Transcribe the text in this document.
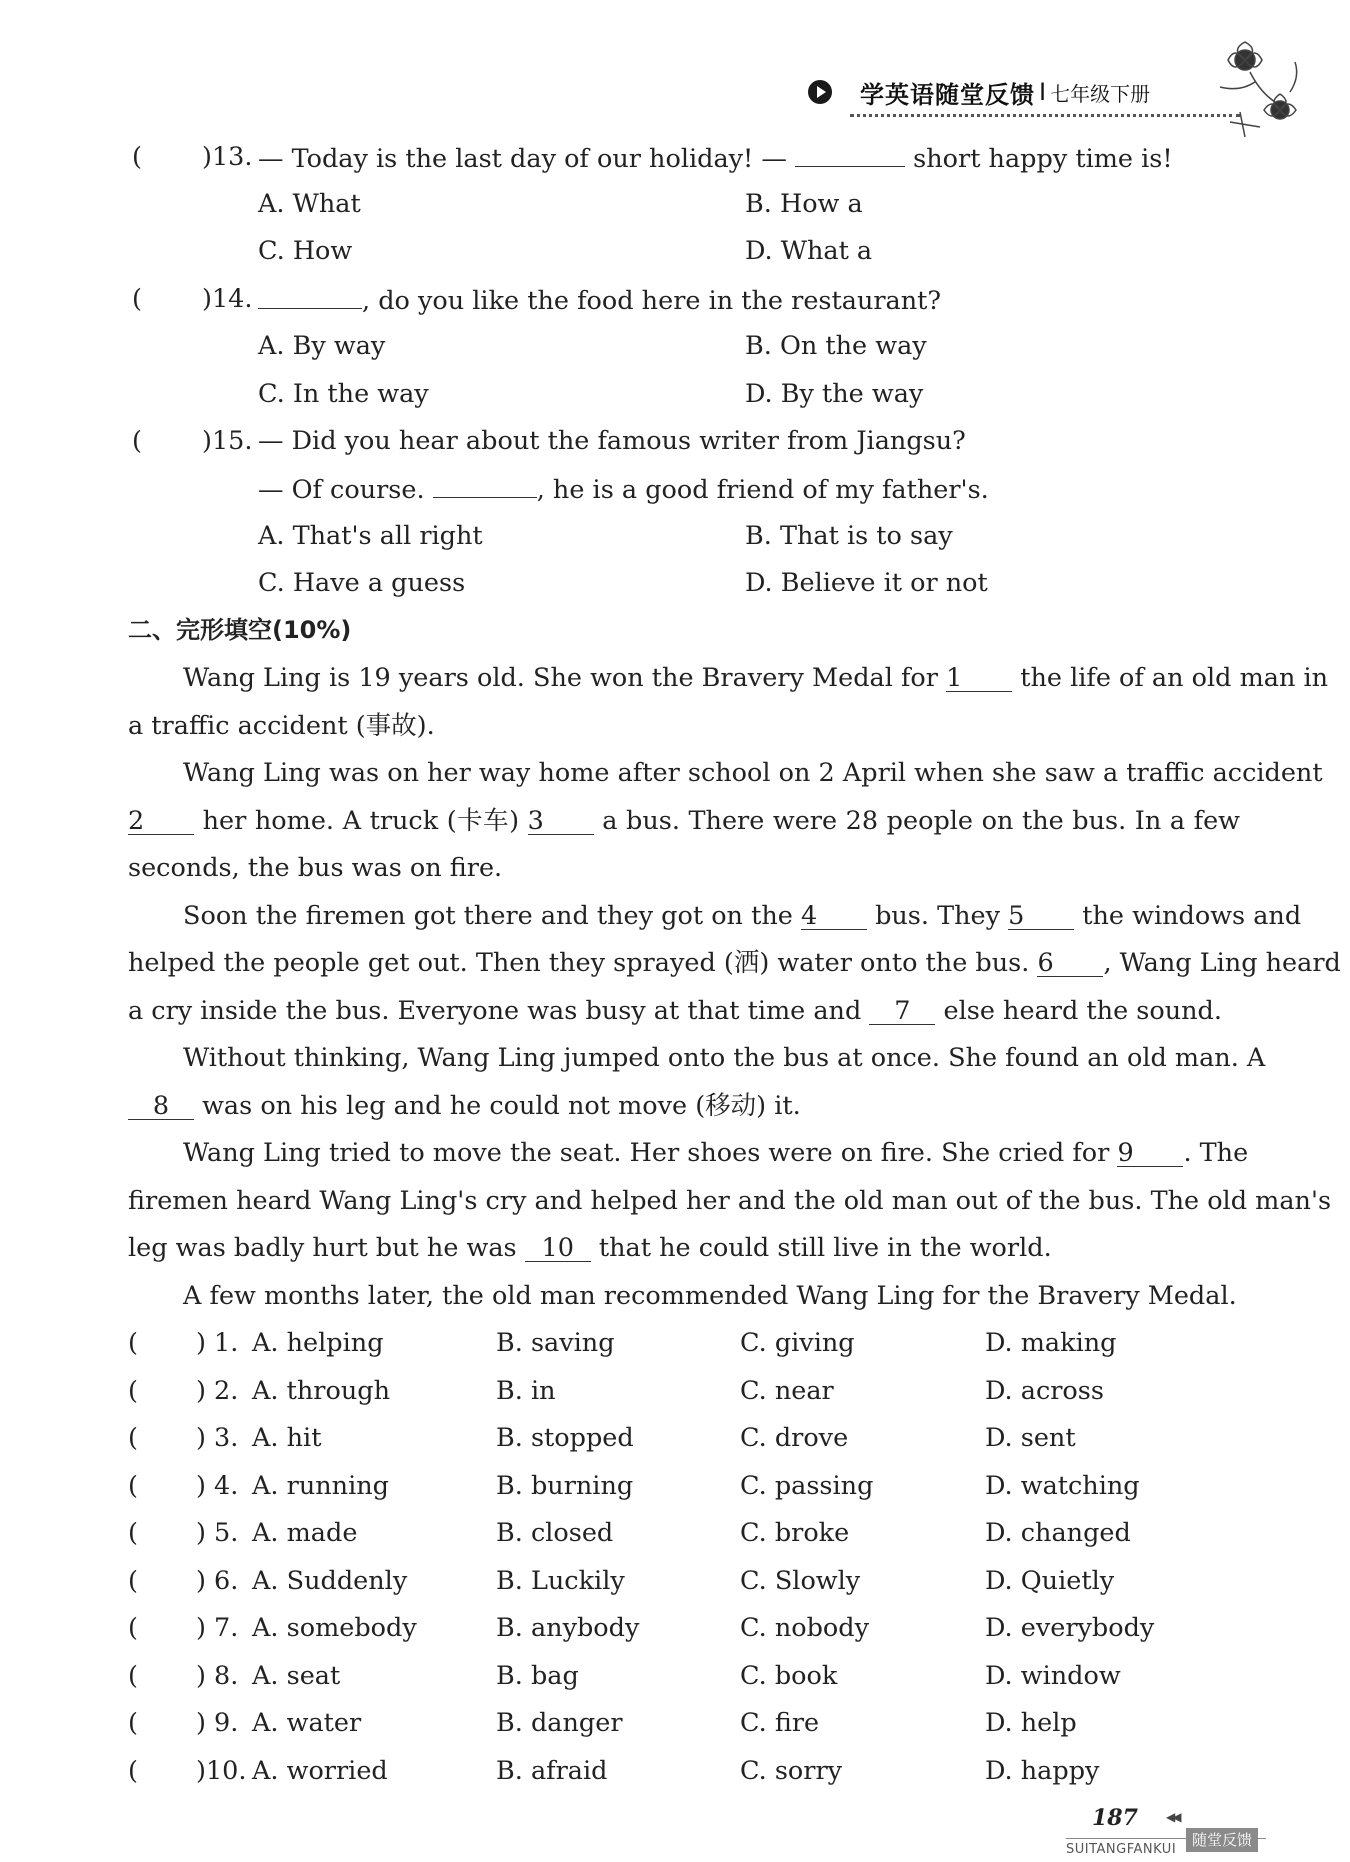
学英语随堂反馈 I 七年级下册
( )13. — Today is the last day of our holiday! —	short happy time is!
A. What	B. How a
C. How	D. What a
( )14.	, do you like the food here in the restaurant?
A. By way	B. On the way
C. In the way	D. By the way
( )15. — Did you hear about the famous writer from Jiangsu?
— Of course.	, he is a good friend of my father's.
A. That's all right	B. That is to say
C. Have a guess	D. Believe it or not
二、完形填空(10%)
Wang Ling is 19 years old. She won the Bravery Medal for 1 the life of an old man in
a traffic accident (事故).
Wang Ling was on her way home after school on 2 April when she saw a traffic accident
2 her home. A truck (卡车) 3 a bus. There were 28 people on the bus. In a few
seconds, the bus was on fire.
Soon the firemen got there and they got on the 4 bus. They 5 the windows and
helped the people get out. Then they sprayed (洒) water onto the bus. 6 , Wang Ling heard
a cry inside the bus. Everyone was busy at that time and 7 else heard the sound.
Without thinking, Wang Ling jumped onto the bus at once. She found an old man. A
8 was on his leg and he could not move (移动) it.
Wang Ling tried to move the seat. Her shoes were on fire. She cried for 9 . The
firemen heard Wang Ling's cry and helped her and the old man out of the bus. The old man's
leg was badly hurt but he was 10 that he could still live in the world.
A few months later, the old man recommended Wang Ling for the Bravery Medal.
( ) 1. A. helping	B. saving	C. giving	D. making
( ) 2. A. through	B. in	C. near	D. across
( ) 3. A. hit	B. stopped	C. drove	D. sent
( ) 4. A. running	B. burning	C. passing	D. watching
( ) 5. A. made	B. closed	C. broke	D. changed
( ) 6. A. Suddenly	B. Luckily	C. Slowly	D. Quietly
( ) 7. A. somebody	B. anybody	C. nobody	D. everybody
( ) 8. A. seat	B. bag	C. book	D. window
( ) 9. A. water	B. danger	C. fire	D. help
( )10. A. worried	B. afraid	C. sorry	D. happy
187 ◀◀
SUITANGFANKUI
随堂反馈
